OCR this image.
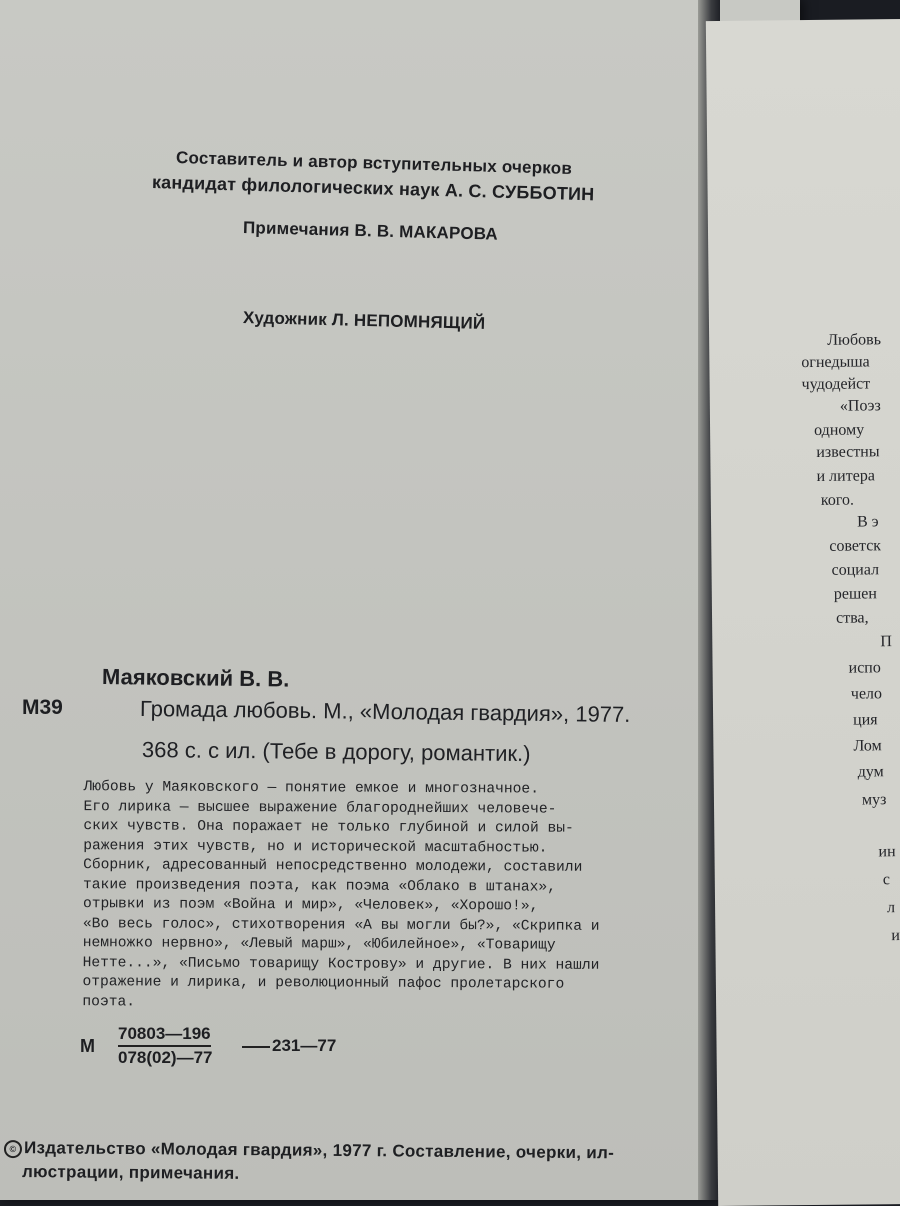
Составитель и автор вступительных очерков
кандидат филологических наук А. С. СУББОТИН
Примечания В. В. МАКАРОВА
Художник Л. НЕПОМНЯЩИЙ
Маяковский В. В.
М39	Громада любовь. М., «Молодая гвардия», 1977.
368 с. с ил. (Тебе в дорогу, романтик.)
Любовь у Маяковского — понятие емкое и многозначное.
Его лирика — высшее выражение благороднейших человече-
ских чувств. Она поражает не только глубиной и силой вы-
ражения этих чувств, но и исторической масштабностью.
Сборник, адресованный непосредственно молодежи, составили
такие произведения поэта, как поэма «Облако в штанах»,
отрывки из поэм «Война и мир», «Человек», «Хорошо!»,
«Во весь голос», стихотворения «А вы могли бы?», «Скрипка и
немножко нервно», «Левый марш», «Юбилейное», «Товарищу
Нетте...», «Письмо товарищу Кострову» и другие. В них нашли
отражение и лирика, и революционный пафос пролетарского
поэта.
М
70803—196
078(02)—77
231—77
© Издательство «Молодая гвардия», 1977 г. Составление, очерки, ил-
люстрации, примечания.
Любовь
огнедыша
чудодейст
«Поэз
одному
известны
и литера
кого.
В э
советск
социал
решен
ства,
П
испо
чело
ция
Лом
дум
муз
ин
с
л
и
